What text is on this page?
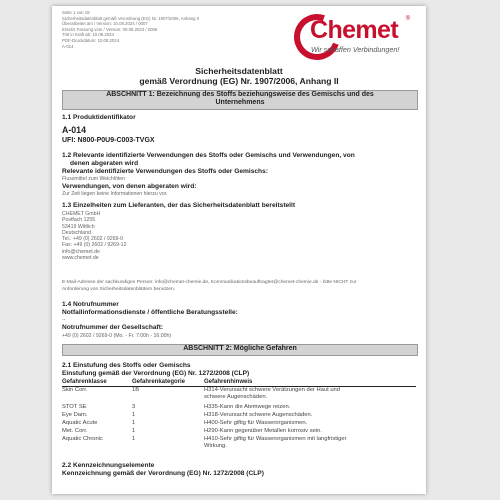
Seite 1 von 19
Sicherheitsdatenblatt gemäß Verordnung (EG) Nr. 1907/2006, Anhang II
Überarbeitet am / Version: 10.08.2024 / 0007
Ersetzt Fassung vom / Version: 09.08.2023 / 0006
Tritt in Kraft ab: 10.08.2024
PDF-Druckdatum: 10.08.2024
A-014
Chemet ®
Wir schaffen Verbindungen!
Sicherheitsdatenblatt
gemäß Verordnung (EG) Nr. 1907/2006, Anhang II
ABSCHNITT 1: Bezeichnung des Stoffs beziehungsweise des Gemischs und des
Unternehmens
1.1 Produktidentifikator
A-014
UFI: N800-P0U9-C003-TVGX
1.2 Relevante identifizierte Verwendungen des Stoffs oder Gemischs und Verwendungen, von
denen abgeraten wird
Relevante identifizierte Verwendungen des Stoffs oder Gemischs:
Flussmittel zum Weichlöten
Verwendungen, von denen abgeraten wird:
Zur Zeit liegen keine Informationen hierzu vor.
1.3 Einzelheiten zum Lieferanten, der das Sicherheitsdatenblatt bereitstellt
CHEMET GmbH
Postfach 1255
53419 Wittlich
Deutschland
Tel.: +49 (0) 2602 / 9269-0
Fax: +49 (0) 2602 / 9269-12
info@chemet.de
www.chemet.de
E-Mail-Adresse der sachkundigen Person: info@chemet-chemie.de, Kommunikationsbeauftragter@chemet-chemie.de - bitte NICHT zur
Anforderung von Sicherheitsdatenblättern benutzen.
1.4 Notrufnummer
Notfallinformationsdienste / öffentliche Beratungsstelle:
--
Notrufnummer der Gesellschaft:
+49 (0) 2602 / 9269-0 (Mo. - Fr. 7:00h - 16:00h)
ABSCHNITT 2: Mögliche Gefahren
2.1 Einstufung des Stoffs oder Gemischs
Einstufung gemäß der Verordnung (EG) Nr. 1272/2008 (CLP)
Gefahrenklasse	Gefahrenkategorie	Gefahrenhinweis
Skin Corr.	1B	H314-Verursacht schwere Verätzungen der Haut und
schwere Augenschäden.
STOT SE	3	H335-Kann die Atemwege reizen.
Eye Dam.	1	H318-Verursacht schwere Augenschäden.
Aquatic Acute	1	H400-Sehr giftig für Wasserorganismen.
Met. Corr.	1	H290-Kann gegenüber Metallen korrosiv sein.
Aquatic Chronic	1	H410-Sehr giftig für Wasserorganismen mit langfristiger
Wirkung.
2.2 Kennzeichnungselemente
Kennzeichnung gemäß der Verordnung (EG) Nr. 1272/2008 (CLP)
